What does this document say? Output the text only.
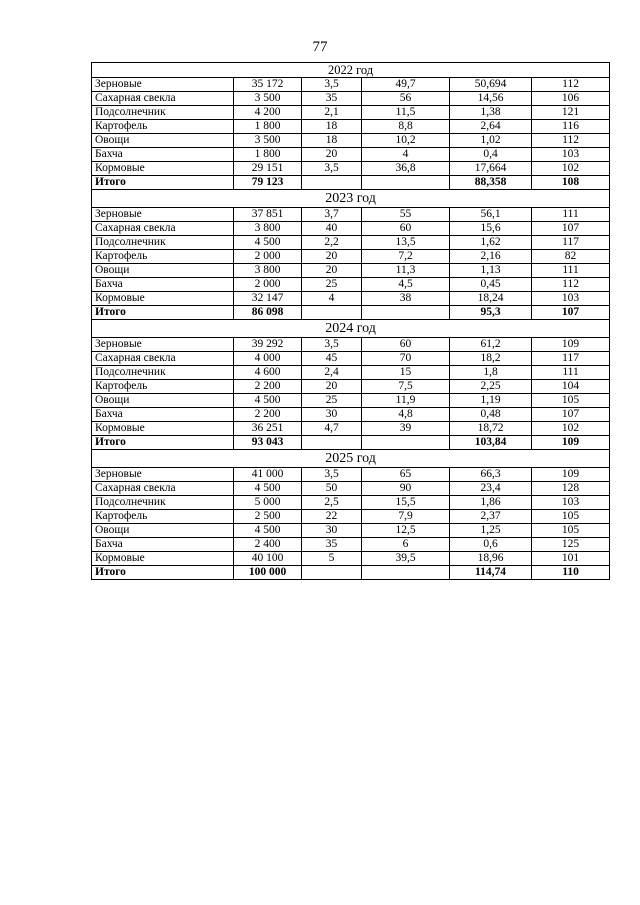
77
2022 год					
Зерновые	35 172	3,5	49,7	50,694	112
Сахарная свекла	3 500	35	56	14,56	106
Подсолнечник	4 200	2,1	11,5	1,38	121
Картофель	1 800	18	8,8	2,64	116
Овощи	3 500	18	10,2	1,02	112
Бахча	1 800	20	4	0,4	103
Кормовые	29 151	3,5	36,8	17,664	102
Итого	79 123			88,358	108
2023 год					
Зерновые	37 851	3,7	55	56,1	111
Сахарная свекла	3 800	40	60	15,6	107
Подсолнечник	4 500	2,2	13,5	1,62	117
Картофель	2 000	20	7,2	2,16	82
Овощи	3 800	20	11,3	1,13	111
Бахча	2 000	25	4,5	0,45	112
Кормовые	32 147	4	38	18,24	103
Итого	86 098			95,3	107
2024 год					
Зерновые	39 292	3,5	60	61,2	109
Сахарная свекла	4 000	45	70	18,2	117
Подсолнечник	4 600	2,4	15	1,8	111
Картофель	2 200	20	7,5	2,25	104
Овощи	4 500	25	11,9	1,19	105
Бахча	2 200	30	4,8	0,48	107
Кормовые	36 251	4,7	39	18,72	102
Итого	93 043			103,84	109
2025 год					
Зерновые	41 000	3,5	65	66,3	109
Сахарная свекла	4 500	50	90	23,4	128
Подсолнечник	5 000	2,5	15,5	1,86	103
Картофель	2 500	22	7,9	2,37	105
Овощи	4 500	30	12,5	1,25	105
Бахча	2 400	35	6	0,6	125
Кормовые	40 100	5	39,5	18,96	101
Итого	100 000			114,74	110
